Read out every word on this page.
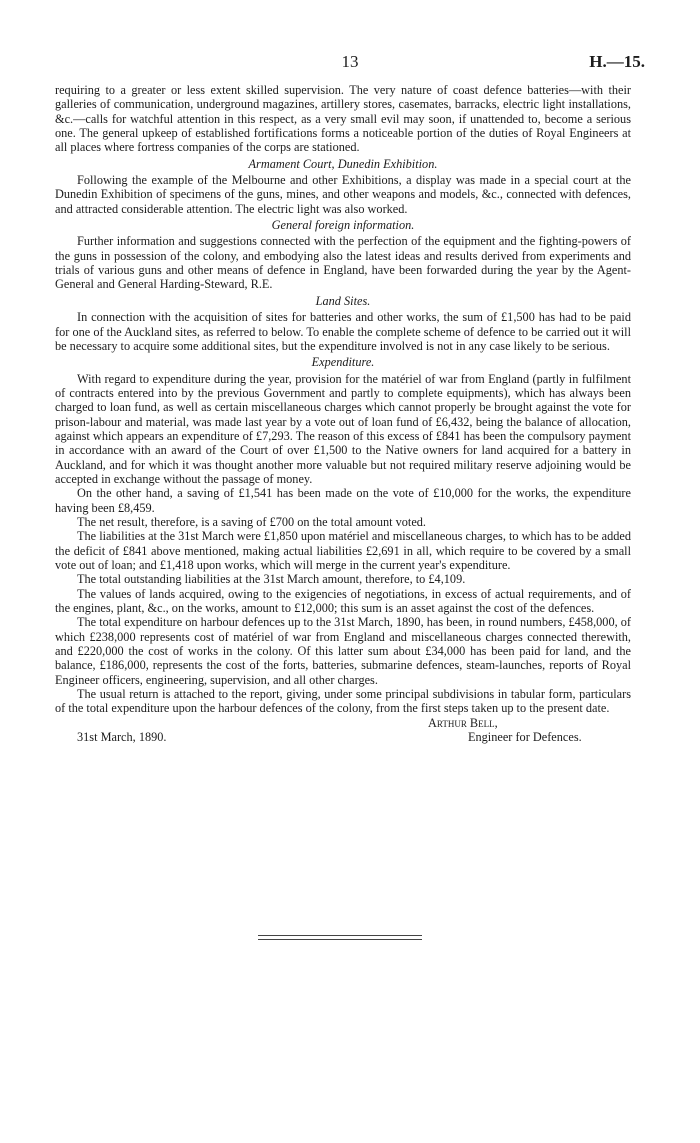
13	H.—15.

requiring to a greater or less extent skilled supervision. The very nature of coast defence batteries—with their galleries of communication, underground magazines, artillery stores, casemates, barracks, electric light installations, &c.—calls for watchful attention in this respect, as a very small evil may soon, if unattended to, become a serious one. The general upkeep of established fortifications forms a noticeable portion of the duties of Royal Engineers at all places where fortress companies of the corps are stationed.

Armament Court, Dunedin Exhibition.

Following the example of the Melbourne and other Exhibitions, a display was made in a special court at the Dunedin Exhibition of specimens of the guns, mines, and other weapons and models, &c., connected with defences, and attracted considerable attention. The electric light was also worked.

General foreign information.

Further information and suggestions connected with the perfection of the equipment and the fighting-powers of the guns in possession of the colony, and embodying also the latest ideas and results derived from experiments and trials of various guns and other means of defence in England, have been forwarded during the year by the Agent-General and General Harding-Steward, R.E.

Land Sites.

In connection with the acquisition of sites for batteries and other works, the sum of £1,500 has had to be paid for one of the Auckland sites, as referred to below. To enable the complete scheme of defence to be carried out it will be necessary to acquire some additional sites, but the expenditure involved is not in any case likely to be serious.

Expenditure.

With regard to expenditure during the year, provision for the matériel of war from England (partly in fulfilment of contracts entered into by the previous Government and partly to complete equipments), which has always been charged to loan fund, as well as certain miscellaneous charges which cannot properly be brought against the vote for prison-labour and material, was made last year by a vote out of loan fund of £6,432, being the balance of allocation, against which appears an expenditure of £7,293. The reason of this excess of £841 has been the compulsory payment in accordance with an award of the Court of over £1,500 to the Native owners for land acquired for a battery in Auckland, and for which it was thought another more valuable but not required military reserve adjoining would be accepted in exchange without the passage of money.

On the other hand, a saving of £1,541 has been made on the vote of £10,000 for the works, the expenditure having been £8,459.

The net result, therefore, is a saving of £700 on the total amount voted.

The liabilities at the 31st March were £1,850 upon matériel and miscellaneous charges, to which has to be added the deficit of £841 above mentioned, making actual liabilities £2,691 in all, which require to be covered by a small vote out of loan; and £1,418 upon works, which will merge in the current year's expenditure.

The total outstanding liabilities at the 31st March amount, therefore, to £4,109.

The values of lands acquired, owing to the exigencies of negotiations, in excess of actual requirements, and of the engines, plant, &c., on the works, amount to £12,000; this sum is an asset against the cost of the defences.

The total expenditure on harbour defences up to the 31st March, 1890, has been, in round numbers, £458,000, of which £238,000 represents cost of matériel of war from England and miscellaneous charges connected therewith, and £220,000 the cost of works in the colony. Of this latter sum about £34,000 has been paid for land, and the balance, £186,000, represents the cost of the forts, batteries, submarine defences, steam-launches, reports of Royal Engineer officers, engineering, supervision, and all other charges.

The usual return is attached to the report, giving, under some principal subdivisions in tabular form, particulars of the total expenditure upon the harbour defences of the colony, from the first steps taken up to the present date.

Arthur Bell,
31st March, 1890.	Engineer for Defences.
